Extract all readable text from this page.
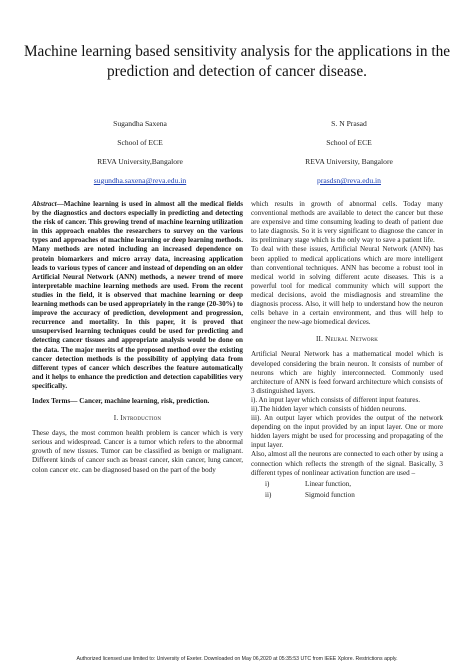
Machine learning based sensitivity analysis for the applications in the prediction and detection of cancer disease.
Sugandha Saxena
School of ECE
REVA University,Bangalore
sugundha.saxena@reva.edu.in
S. N Prasad
School of ECE
REVA University, Bangalore
prasdsn@reva.edu.in

Abstract—Machine learning is used in almost all the medical fields by the diagnostics and doctors especially in predicting and detecting the risk of cancer. This growing trend of machine learning utilization in this approach enables the researchers to survey on the various types and approaches of machine learning or deep learning methods. Many methods are noted including an increased dependence on protein biomarkers and micro array data, increasing application leads to various types of cancer and instead of depending on an older Artificial Neural Network (ANN) methods, a newer trend of more interpretable machine learning methods are used. From the recent studies in the field, it is observed that machine learning or deep learning methods can be used appropriately in the range (20-30%) to improve the accuracy of prediction, development and progression, recurrence and mortality. In this paper, it is proved that unsupervised learning techniques could be used for predicting and detecting cancer tissues and appropriate analysis would be done on the data. The major merits of the proposed method over the existing cancer detection methods is the possibility of applying data from different types of cancer which describes the feature automatically and it helps to enhance the prediction and detection capabilities very specifically.

Index Terms— Cancer, machine learning, risk, prediction.

I. Introduction

These days, the most common health problem is cancer which is very serious and widespread. Cancer is a tumor which refers to the abnormal growth of new tissues. Tumor can be classified as benign or malignant. Different kinds of cancer such as breast cancer, skin cancer, lung cancer, colon cancer etc. can be diagnosed based on the part of the body

which results in growth of abnormal cells. Today many conventional methods are available to detect the cancer but these are expensive and time consuming leading to death of patient due to late diagnosis. So it is very significant to diagnose the cancer in its preliminary stage which is the only way to save a patient life.

To deal with these issues, Artificial Neural Network (ANN) has been applied to medical applications which are more intelligent than conventional techniques. ANN has become a robust tool in medical world in solving different acute diseases. This is a powerful tool for medical community which will support the medical decisions, avoid the misdiagnosis and streamline the diagnosis process. Also, it will help to understand how the neuron cells behave in a certain environment, and thus will help to engineer the new-age biomedical devices.

II. Neural Network

Artificial Neural Network has a mathematical model which is developed considering the brain neuron. It consists of number of neurons which are highly interconnected. Commonly used architecture of ANN is feed forward architecture which consists of 3 distinguished layers.

i). An input layer which consists of different input features.

ii).The hidden layer which consists of hidden neurons.

iii). An output layer which provides the output of the network depending on the input provided by an input layer. One or more hidden layers might be used for processing and propagating of the input layer.

Also, almost all the neurons are connected to each other by using a connection which reflects the strength of the signal. Basically, 3 different types of nonlinear activation function are used –

i)	Linear function,
ii)	Sigmoid function
Authorized licensed use limited to: University of Exeter. Downloaded on May 06,2020 at 05:35:53 UTC from IEEE Xplore. Restrictions apply.
